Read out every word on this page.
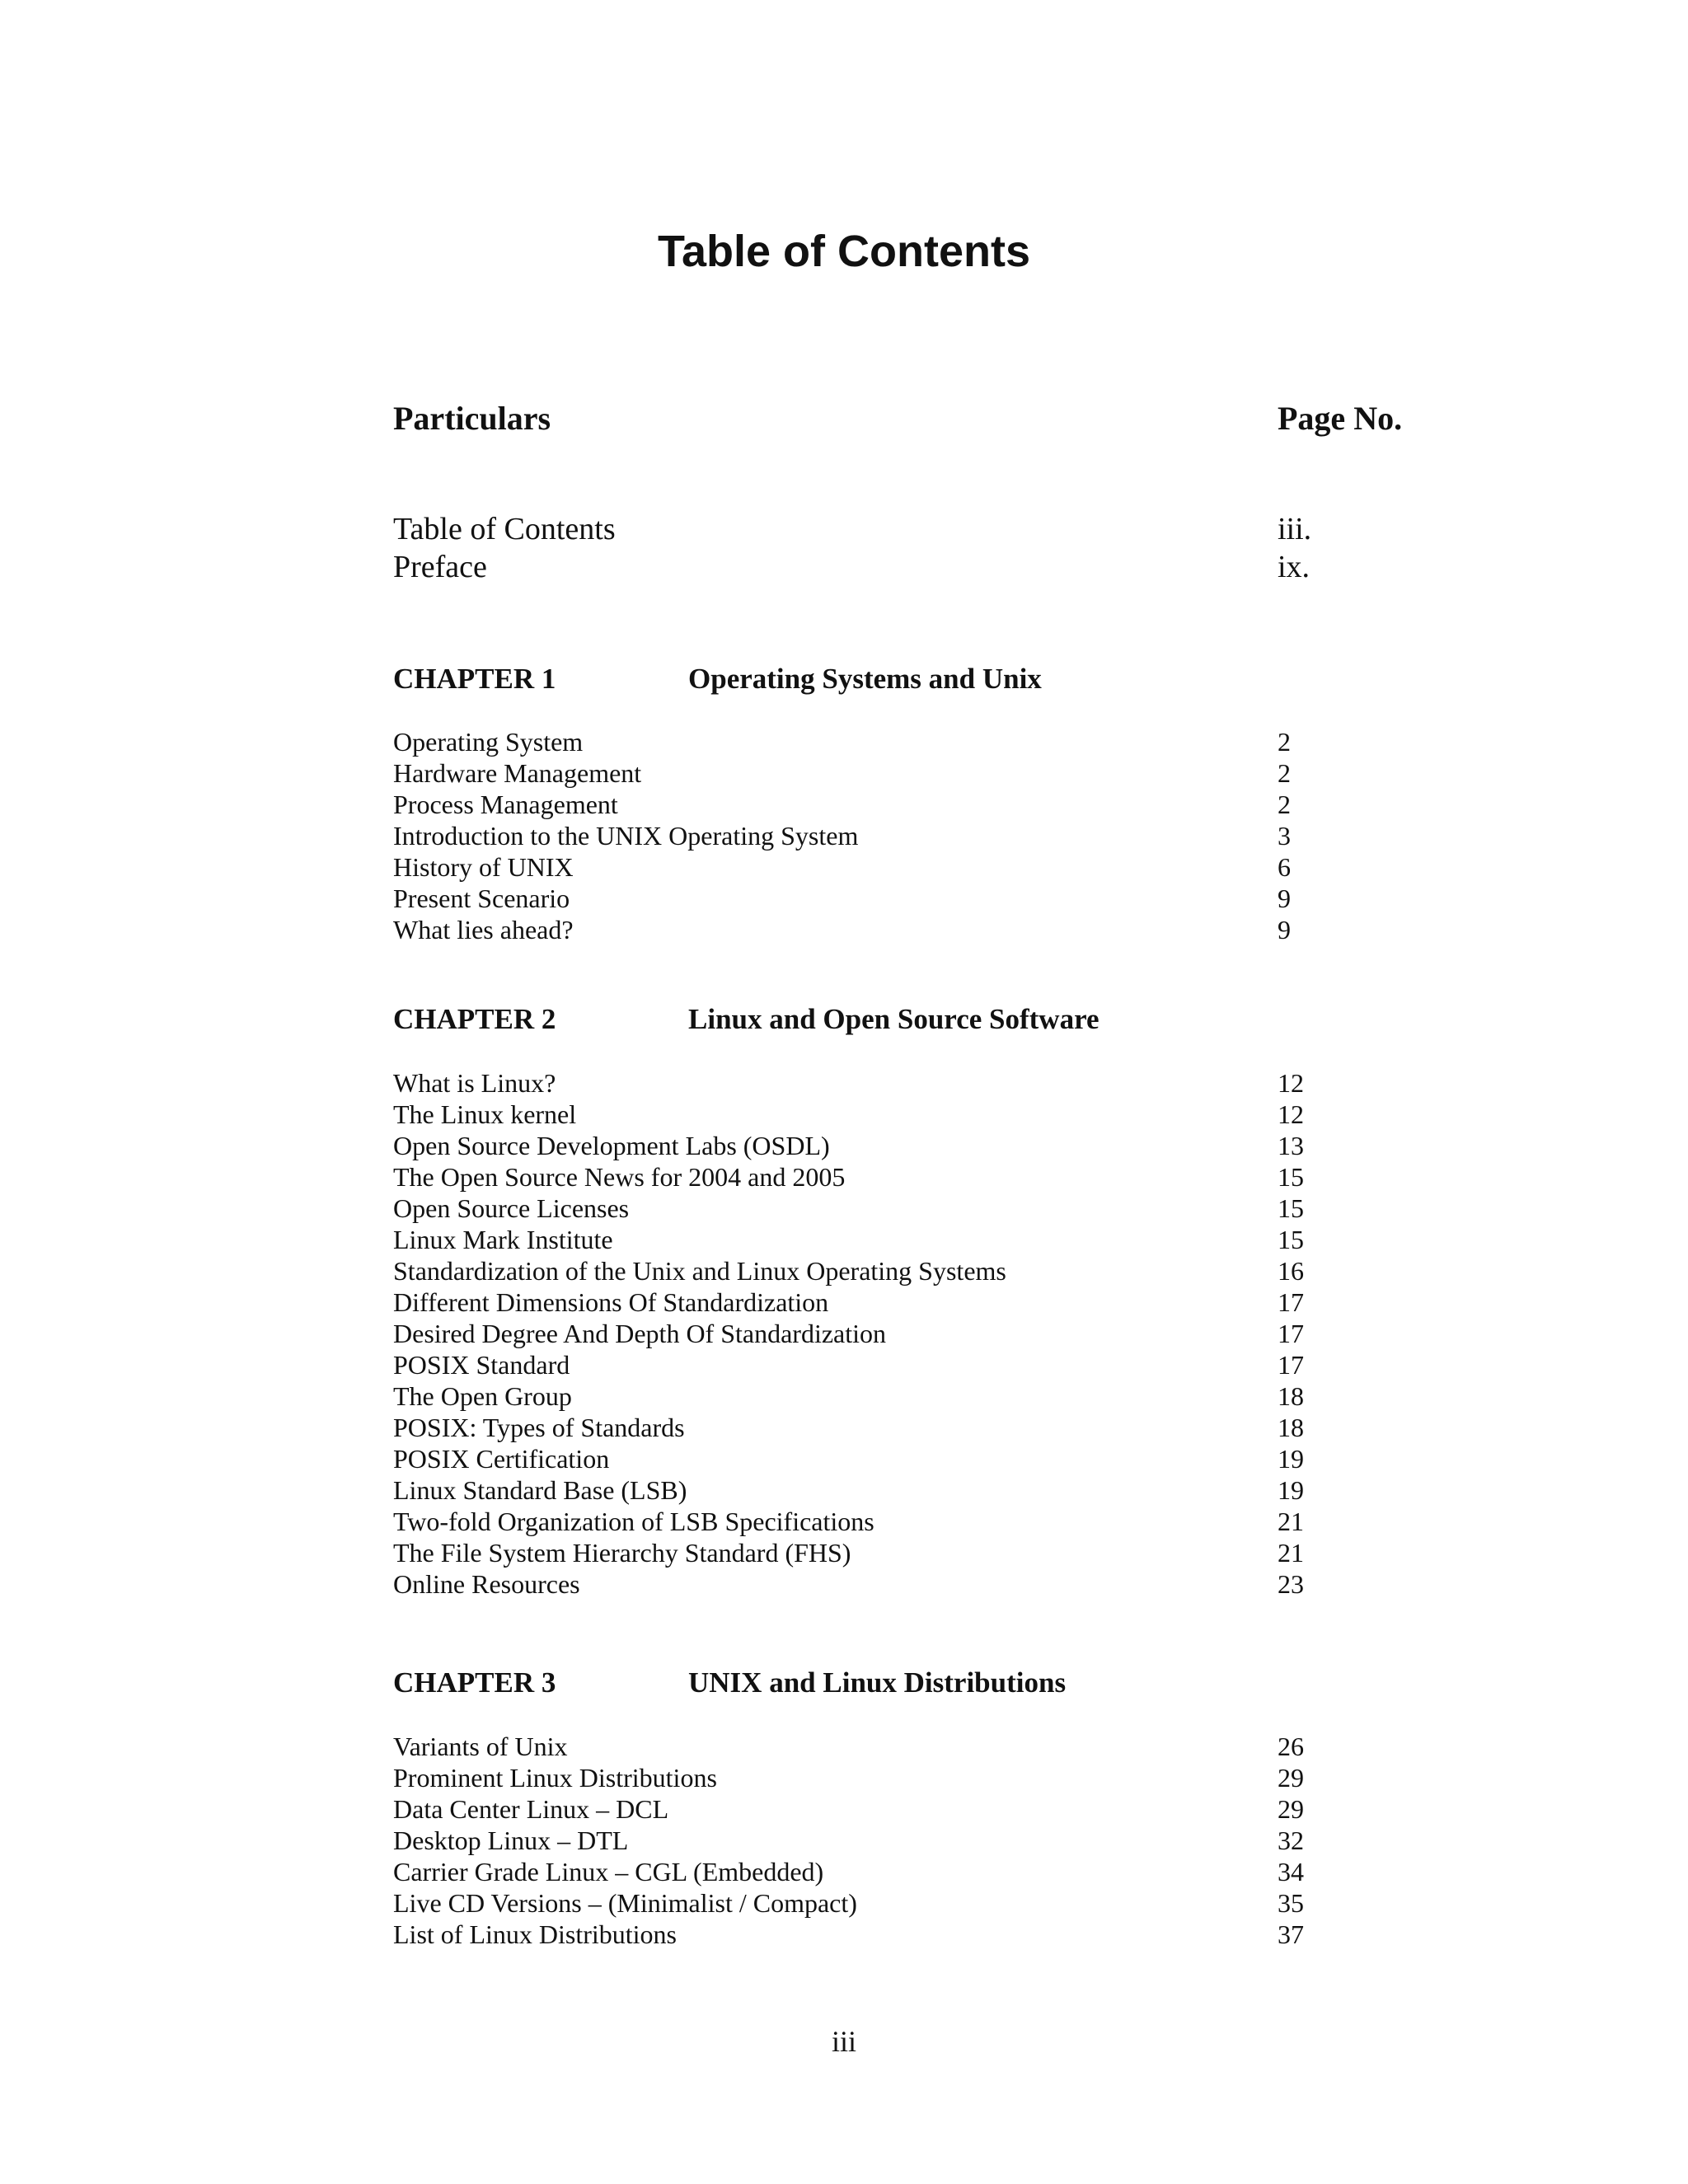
Table of Contents
Particulars	Page No.
Table of Contents	iii.
Preface	ix.
CHAPTER 1	Operating Systems and Unix
Operating System	2
Hardware Management	2
Process Management	2
Introduction to the UNIX Operating System	3
History of UNIX	6
Present Scenario	9
What lies ahead?	9
CHAPTER 2	Linux and Open Source Software
What is Linux?	12
The Linux kernel	12
Open Source Development Labs (OSDL)	13
The Open Source News for 2004 and 2005	15
Open Source Licenses	15
Linux Mark Institute	15
Standardization of the Unix and Linux Operating Systems	16
Different Dimensions Of Standardization	17
Desired Degree And Depth Of Standardization	17
POSIX Standard	17
The Open Group	18
POSIX: Types of Standards	18
POSIX Certification	19
Linux Standard Base (LSB)	19
Two-fold Organization of LSB Specifications	21
The File System Hierarchy Standard (FHS)	21
Online Resources	23
CHAPTER 3	UNIX and Linux Distributions
Variants of Unix	26
Prominent Linux Distributions	29
Data Center Linux – DCL	29
Desktop Linux – DTL	32
Carrier Grade Linux – CGL (Embedded)	34
Live CD Versions – (Minimalist / Compact)	35
List of Linux Distributions	37
iii
